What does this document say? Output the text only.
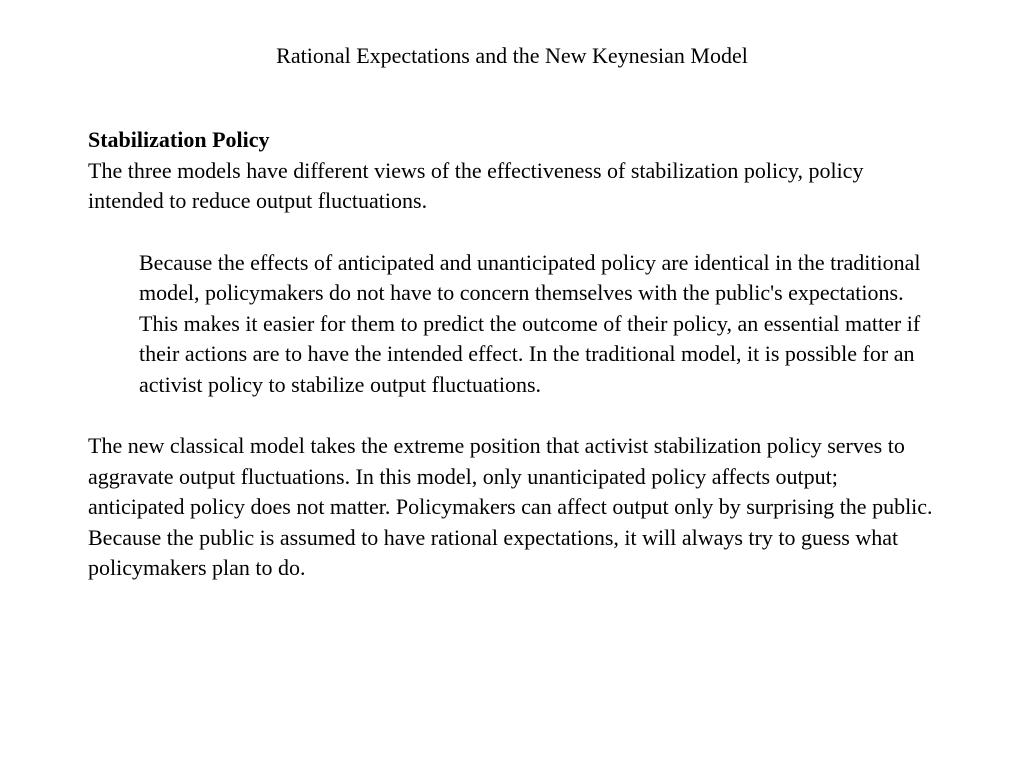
Rational Expectations and the New Keynesian Model

Stabilization Policy

The three models have different views of the effectiveness of stabilization policy, policy intended to reduce output fluctuations.

Because the effects of anticipated and unanticipated policy are identical in the traditional model, policymakers do not have to concern themselves with the public's expectations. This makes it easier for them to predict the outcome of their policy, an essential matter if their actions are to have the intended effect. In the traditional model, it is possible for an activist policy to stabilize output fluctuations.

The new classical model takes the extreme position that activist stabilization policy serves to aggravate output fluctuations. In this model, only unanticipated policy affects output; anticipated policy does not matter. Policymakers can affect output only by surprising the public. Because the public is assumed to have rational expectations, it will always try to guess what policymakers plan to do.
